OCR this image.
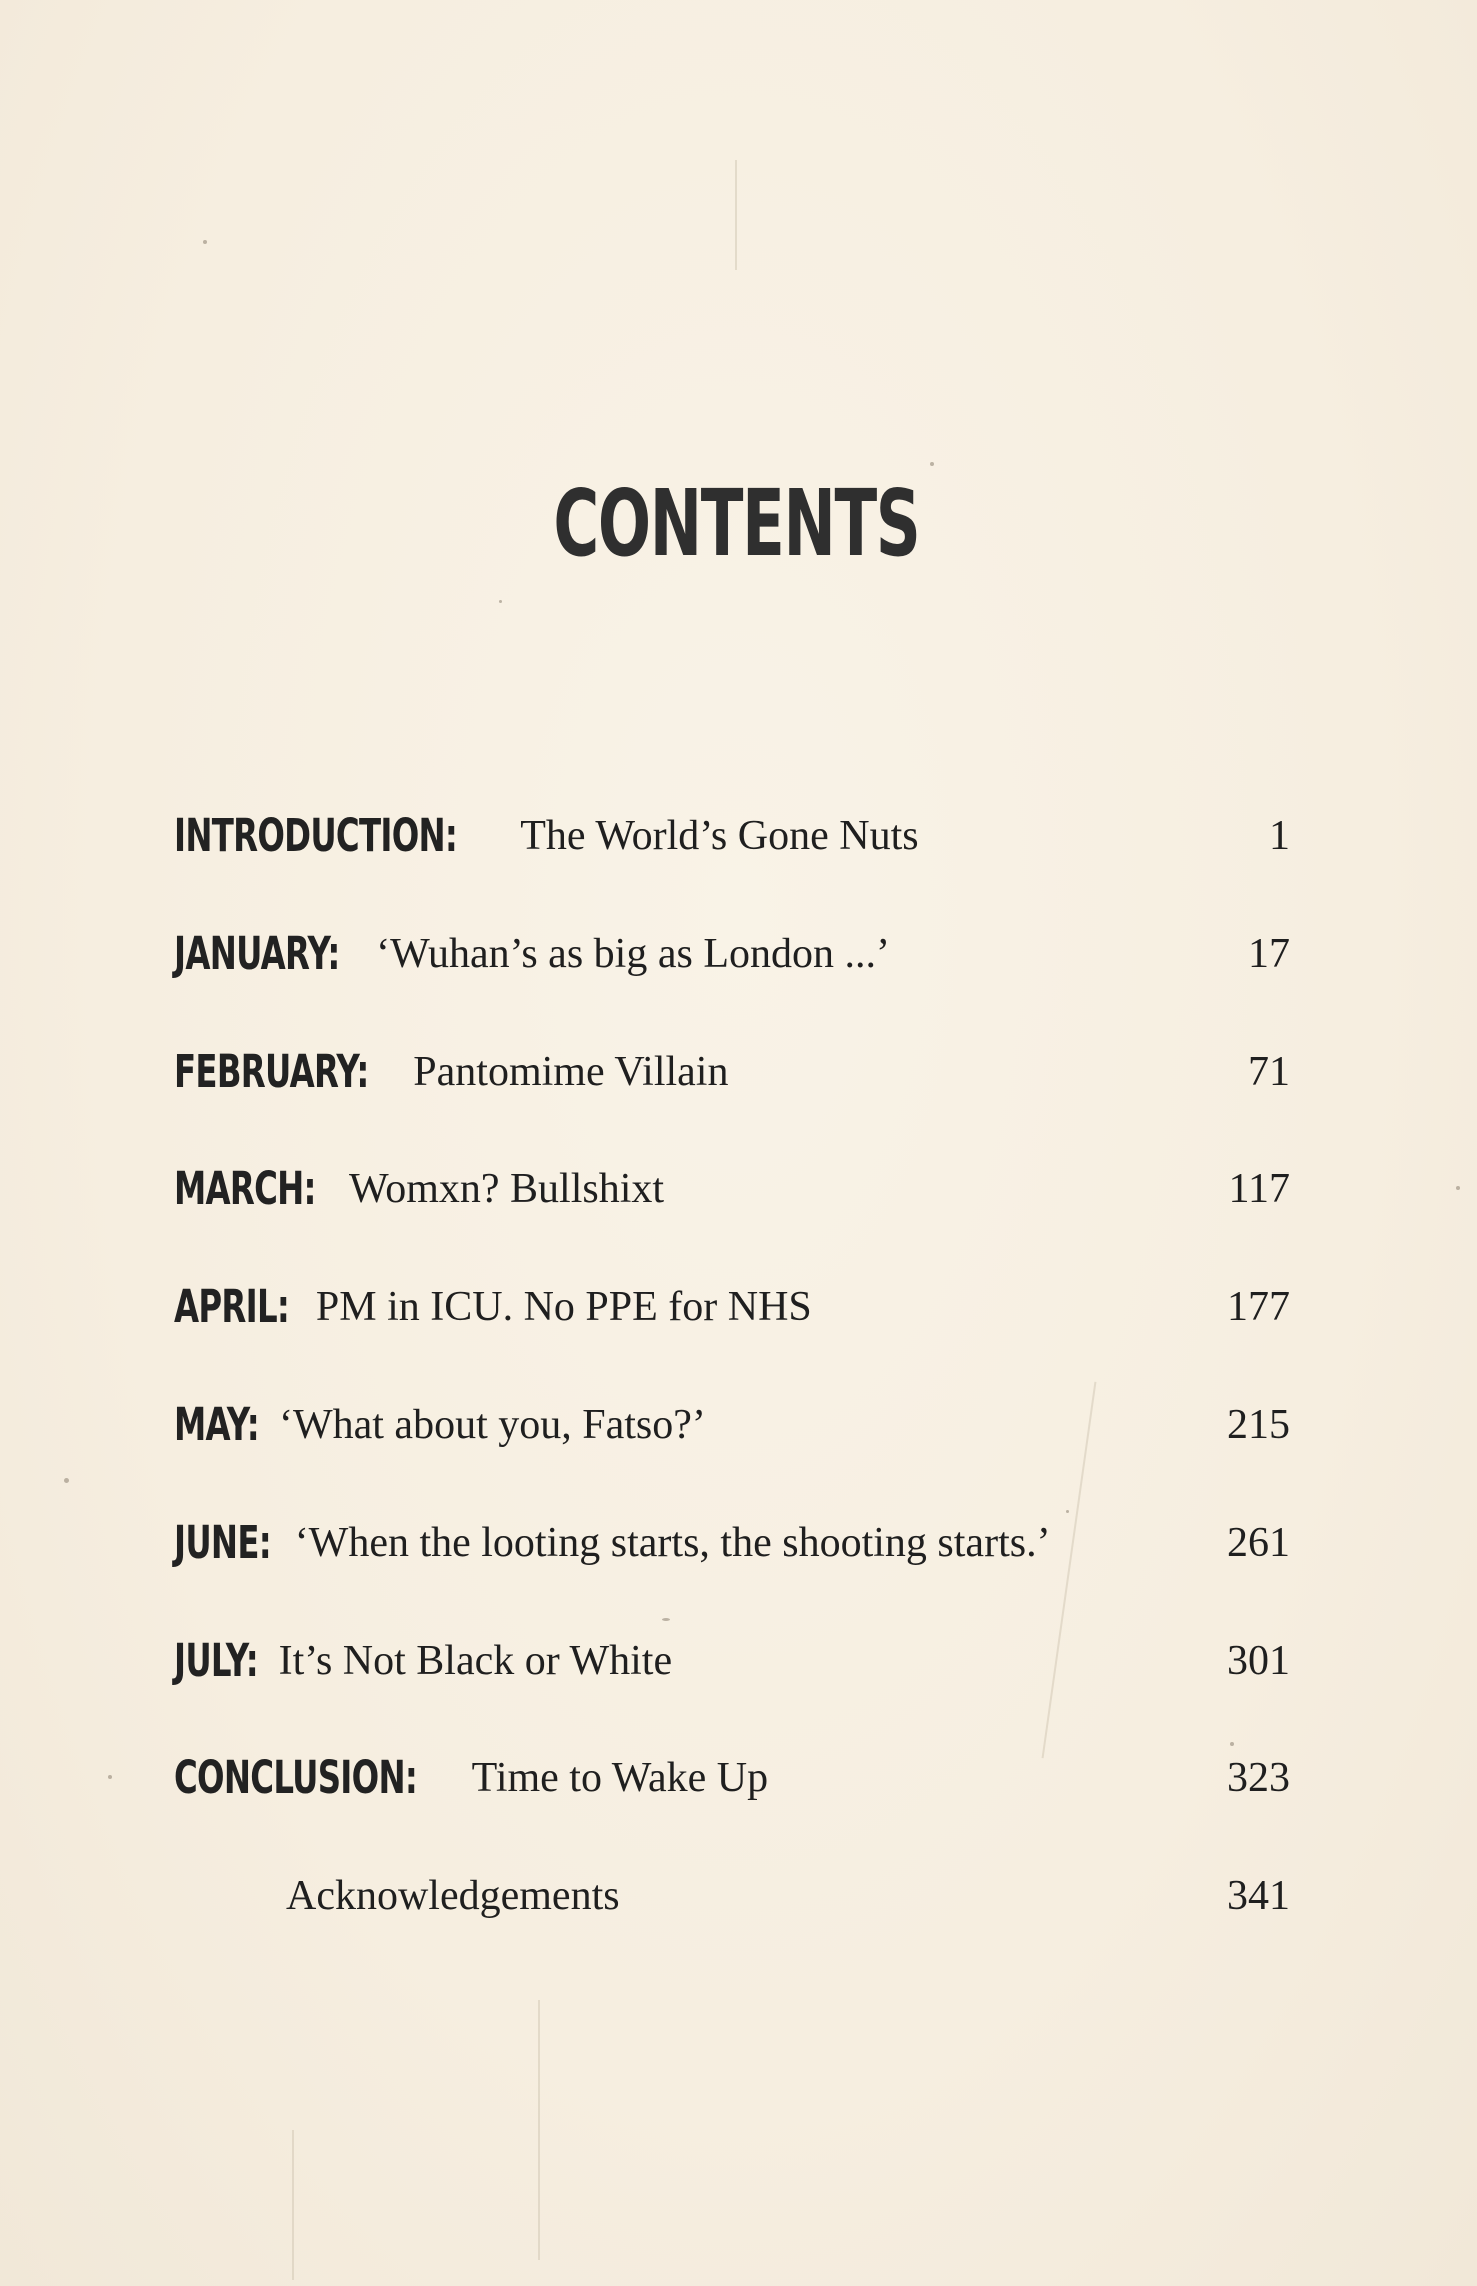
CONTENTS
INTRODUCTION: The World’s Gone Nuts	1
JANUARY: ‘Wuhan’s as big as London ...’	17
FEBRUARY: Pantomime Villain	71
MARCH: Womxn? Bullshixt	117
APRIL: PM in ICU. No PPE for NHS	177
MAY: ‘What about you, Fatso?’	215
JUNE: ‘When the looting starts, the shooting starts.’	261
JULY: It’s Not Black or White	301
CONCLUSION: Time to Wake Up	323
Acknowledgements	341
